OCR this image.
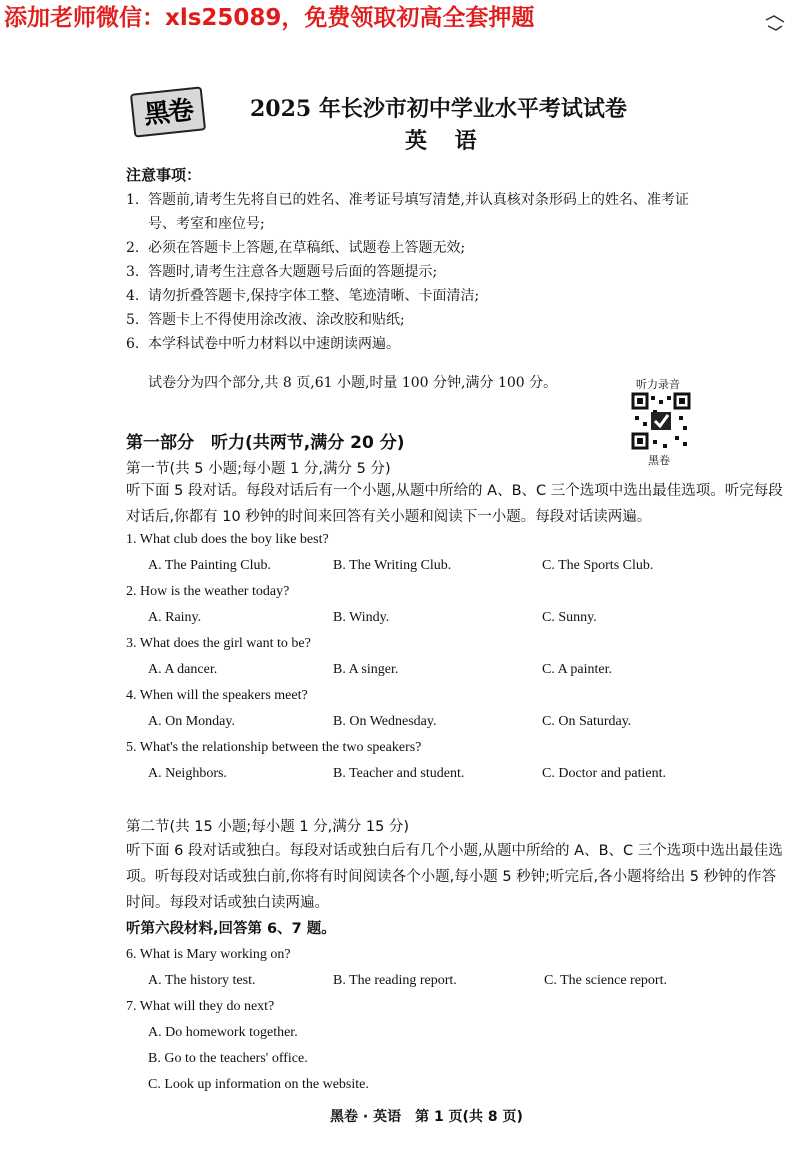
添加老师微信：xls25089，免费领取初高全套押题
黑卷	2025 年长沙市初中学业水平考试试卷
英 语
注意事项：
1. 答题前,请考生先将自已的姓名、准考证号填写清楚,并认真核对条形码上的姓名、准考证
号、考室和座位号;
2. 必须在答题卡上答题,在草稿纸、试题卷上答题无效;
3. 答题时,请考生注意各大题题号后面的答题提示;
4. 请勿折叠答题卡,保持字体工整、笔迹清晰、卡面清洁;
5. 答题卡上不得使用涂改液、涂改胶和贴纸;
6. 本学科试卷中听力材料以中速朗读两遍。
试卷分为四个部分,共 8 页,61 小题,时量 100 分钟,满分 100 分。	听力录音
黑卷
第一部分　听力(共两节,满分 20 分)
第一节(共 5 小题;每小题 1 分,满分 5 分)
听下面 5 段对话。每段对话后有一个小题,从题中所给的 A、B、C 三个选项中选出最佳选项。听完每段对话后,你都有 10 秒钟的时间来回答有关小题和阅读下一小题。每段对话读两遍。
1. What club does the boy like best?
A. The Painting Club.	B. The Writing Club.	C. The Sports Club.
2. How is the weather today?
A. Rainy.	B. Windy.	C. Sunny.
3. What does the girl want to be?
A. A dancer.	B. A singer.	C. A painter.
4. When will the speakers meet?
A. On Monday.	B. On Wednesday.	C. On Saturday.
5. What's the relationship between the two speakers?
A. Neighbors.	B. Teacher and student.	C. Doctor and patient.
第二节(共 15 小题;每小题 1 分,满分 15 分)
听下面 6 段对话或独白。每段对话或独白后有几个小题,从题中所给的 A、B、C 三个选项中选出最佳选项。听每段对话或独白前,你将有时间阅读各个小题,每小题 5 秒钟;听完后,各小题将给出 5 秒钟的作答时间。每段对话或独白读两遍。
听第六段材料,回答第 6、7 题。
6. What is Mary working on?
A. The history test.	B. The reading report.	C. The science report.
7. What will they do next?
A. Do homework together.
B. Go to the teachers' office.
C. Look up information on the website.
黑卷 · 英语　第 1 页(共 8 页)
